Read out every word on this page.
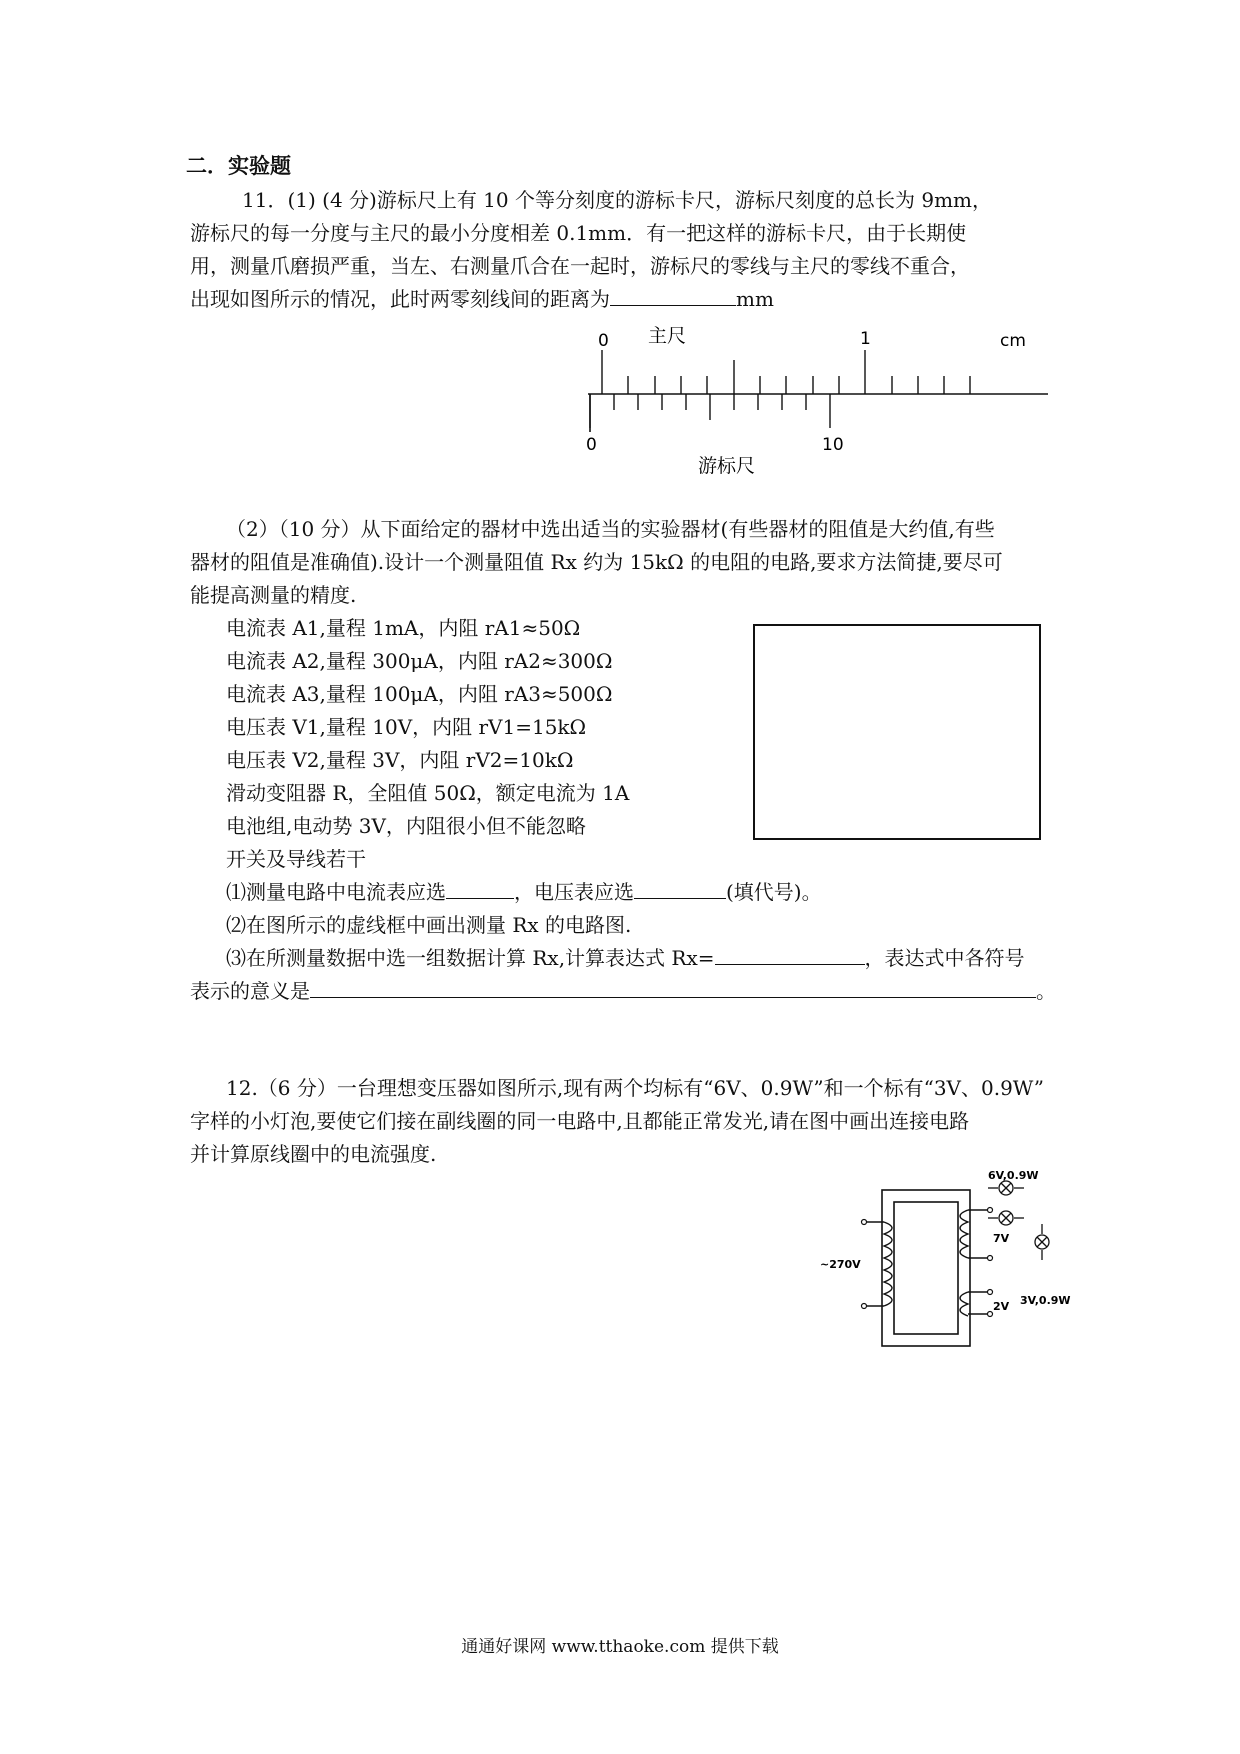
二．实验题
11．(1) (4 分)游标尺上有 10 个等分刻度的游标卡尺，游标尺刻度的总长为 9mm，
游标尺的每一分度与主尺的最小分度相差 0.1mm．有一把这样的游标卡尺，由于长期使
用，测量爪磨损严重，当左、右测量爪合在一起时，游标尺的零线与主尺的零线不重合，
出现如图所示的情况，此时两零刻线间的距离为	mm
0 主尺	1	cm
0	10
游标尺
（2）（10 分）从下面给定的器材中选出适当的实验器材(有些器材的阻值是大约值,有些
器材的阻值是准确值).设计一个测量阻值 Rx 约为 15kΩ 的电阻的电路,要求方法简捷,要尽可
能提高测量的精度.
电流表 A1,量程 1mA，内阻 rA1≈50Ω
电流表 A2,量程 300μA，内阻 rA2≈300Ω
电流表 A3,量程 100μA，内阻 rA3≈500Ω
电压表 V1,量程 10V，内阻 rV1=15kΩ
电压表 V2,量程 3V，内阻 rV2=10kΩ
滑动变阻器 R，全阻值 50Ω，额定电流为 1A
电池组,电动势 3V，内阻很小但不能忽略
开关及导线若干
⑴测量电路中电流表应选	，电压表应选	(填代号)。
⑵在图所示的虚线框中画出测量 Rx 的电路图.
⑶在所测量数据中选一组数据计算 Rx,计算表达式 Rx=	，表达式中各符号
表示的意义是	。
12.（6 分）一台理想变压器如图所示,现有两个均标有“6V、0.9W”和一个标有“3V、0.9W”
字样的小灯泡,要使它们接在副线圈的同一电路中,且都能正常发光,请在图中画出连接电路
并计算原线圈中的电流强度.
~270V
7V
2V
6V,0.9W
3V,0.9W
通通好课网 www.tthaoke.com 提供下载
